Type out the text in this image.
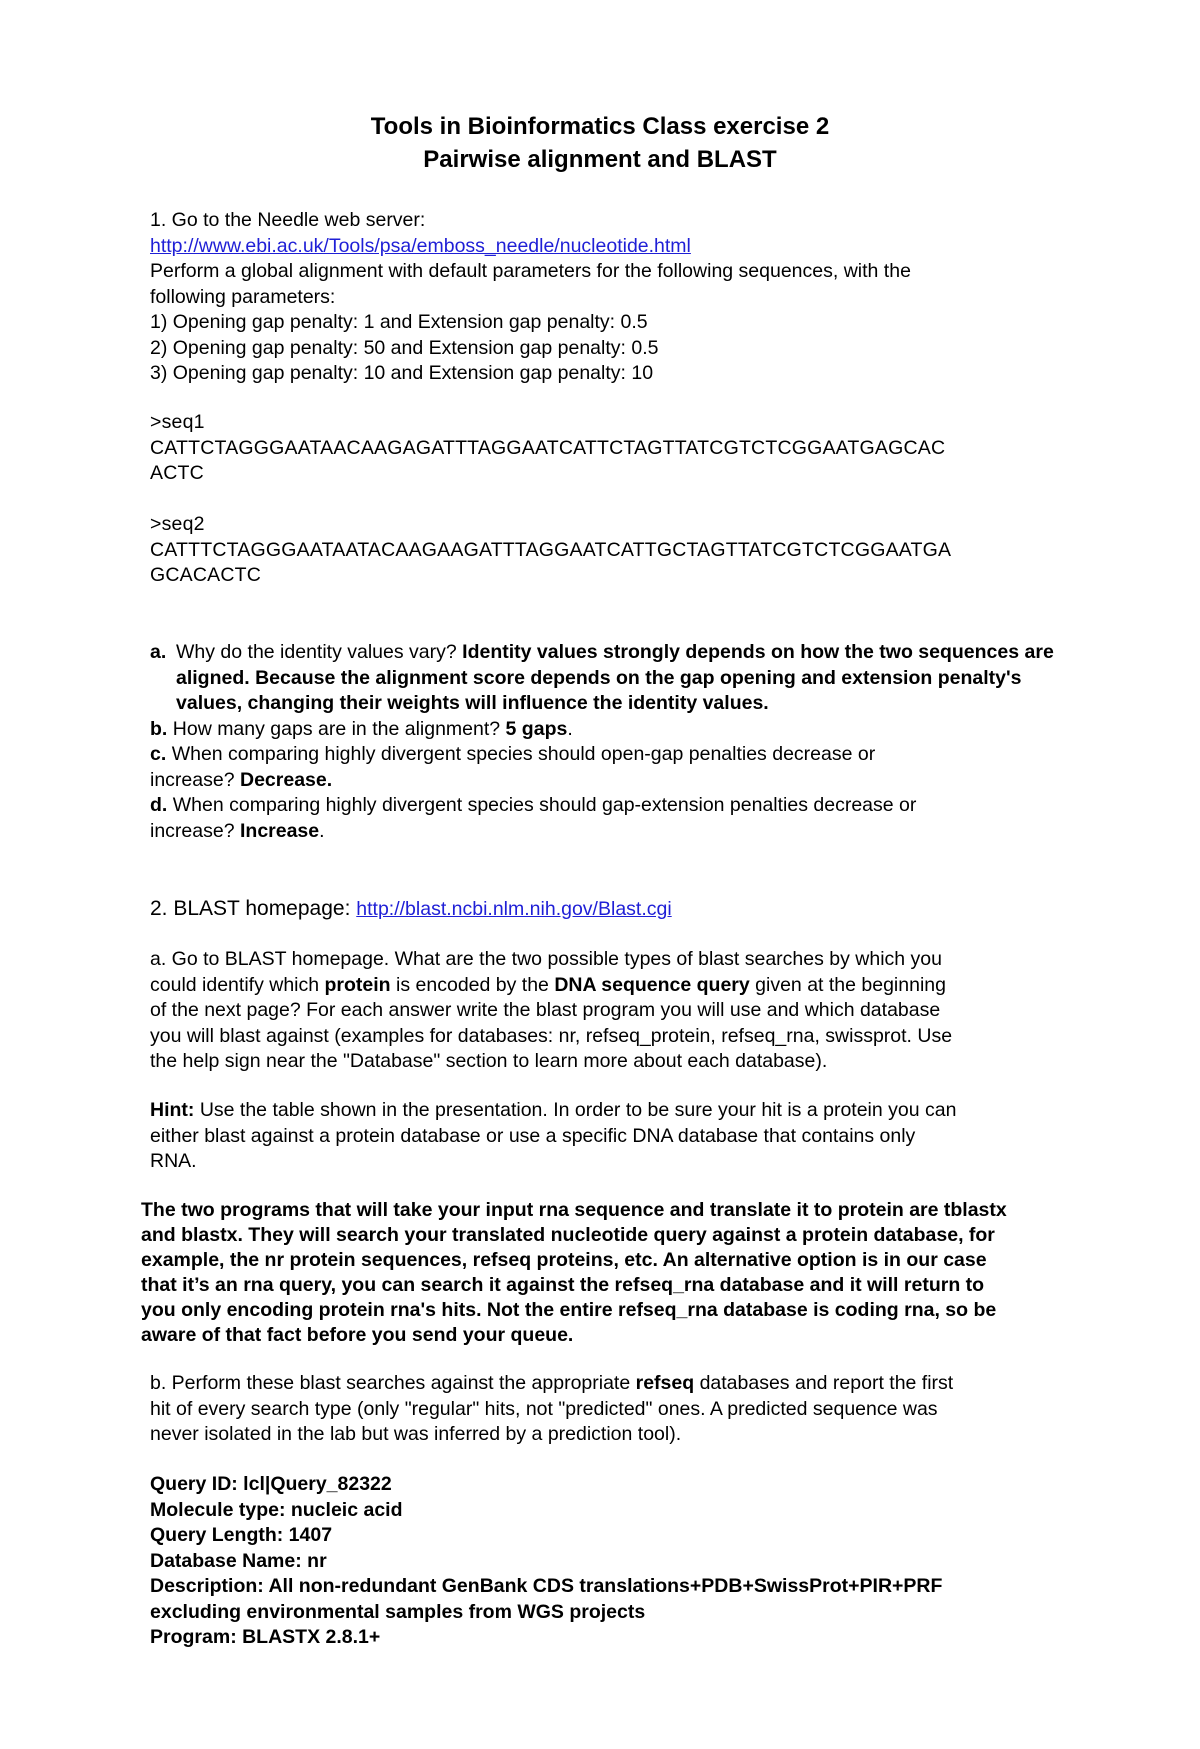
Tools in Bioinformatics Class exercise 2
Pairwise alignment and BLAST
1. Go to the Needle web server:
http://www.ebi.ac.uk/Tools/psa/emboss_needle/nucleotide.html
Perform a global alignment with default parameters for the following sequences, with the
following parameters:
1) Opening gap penalty: 1 and Extension gap penalty: 0.5
2) Opening gap penalty: 50 and Extension gap penalty: 0.5
3) Opening gap penalty: 10 and Extension gap penalty: 10
>seq1
CATTCTAGGGAATAACAAGAGATTTAGGAATCATTCTAGTTATCGTCTCGGAATGAGCAC
ACTC
>seq2
CATTTCTAGGGAATAATACAAGAAGATTTAGGAATCATTGCTAGTTATCGTCTCGGAATGA
GCACACTC
a. Why do the identity values vary? Identity values strongly depends on how the two sequences are aligned. Because the alignment score depends on the gap opening and extension penalty's values, changing their weights will influence the identity values.
b. How many gaps are in the alignment? 5 gaps.
c. When comparing highly divergent species should open-gap penalties decrease or
increase? Decrease.
d. When comparing highly divergent species should gap-extension penalties decrease or
increase? Increase.
2. BLAST homepage: http://blast.ncbi.nlm.nih.gov/Blast.cgi
a. Go to BLAST homepage. What are the two possible types of blast searches by which you
could identify which protein is encoded by the DNA sequence query given at the beginning
of the next page? For each answer write the blast program you will use and which database
you will blast against (examples for databases: nr, refseq_protein, refseq_rna, swissprot. Use
the help sign near the "Database" section to learn more about each database).
Hint: Use the table shown in the presentation. In order to be sure your hit is a protein you can
either blast against a protein database or use a specific DNA database that contains only
RNA.
The two programs that will take your input rna sequence and translate it to protein are tblastx
and blastx. They will search your translated nucleotide query against a protein database, for
example, the nr protein sequences, refseq proteins, etc. An alternative option is in our case
that it’s an rna query, you can search it against the refseq_rna database and it will return to
you only encoding protein rna's hits. Not the entire refseq_rna database is coding rna, so be
aware of that fact before you send your queue.
b. Perform these blast searches against the appropriate refseq databases and report the first
hit of every search type (only "regular" hits, not "predicted" ones. A predicted sequence was
never isolated in the lab but was inferred by a prediction tool).
Query ID: lcl|Query_82322
Molecule type: nucleic acid
Query Length: 1407
Database Name: nr
Description: All non-redundant GenBank CDS translations+PDB+SwissProt+PIR+PRF
excluding environmental samples from WGS projects
Program: BLASTX 2.8.1+
